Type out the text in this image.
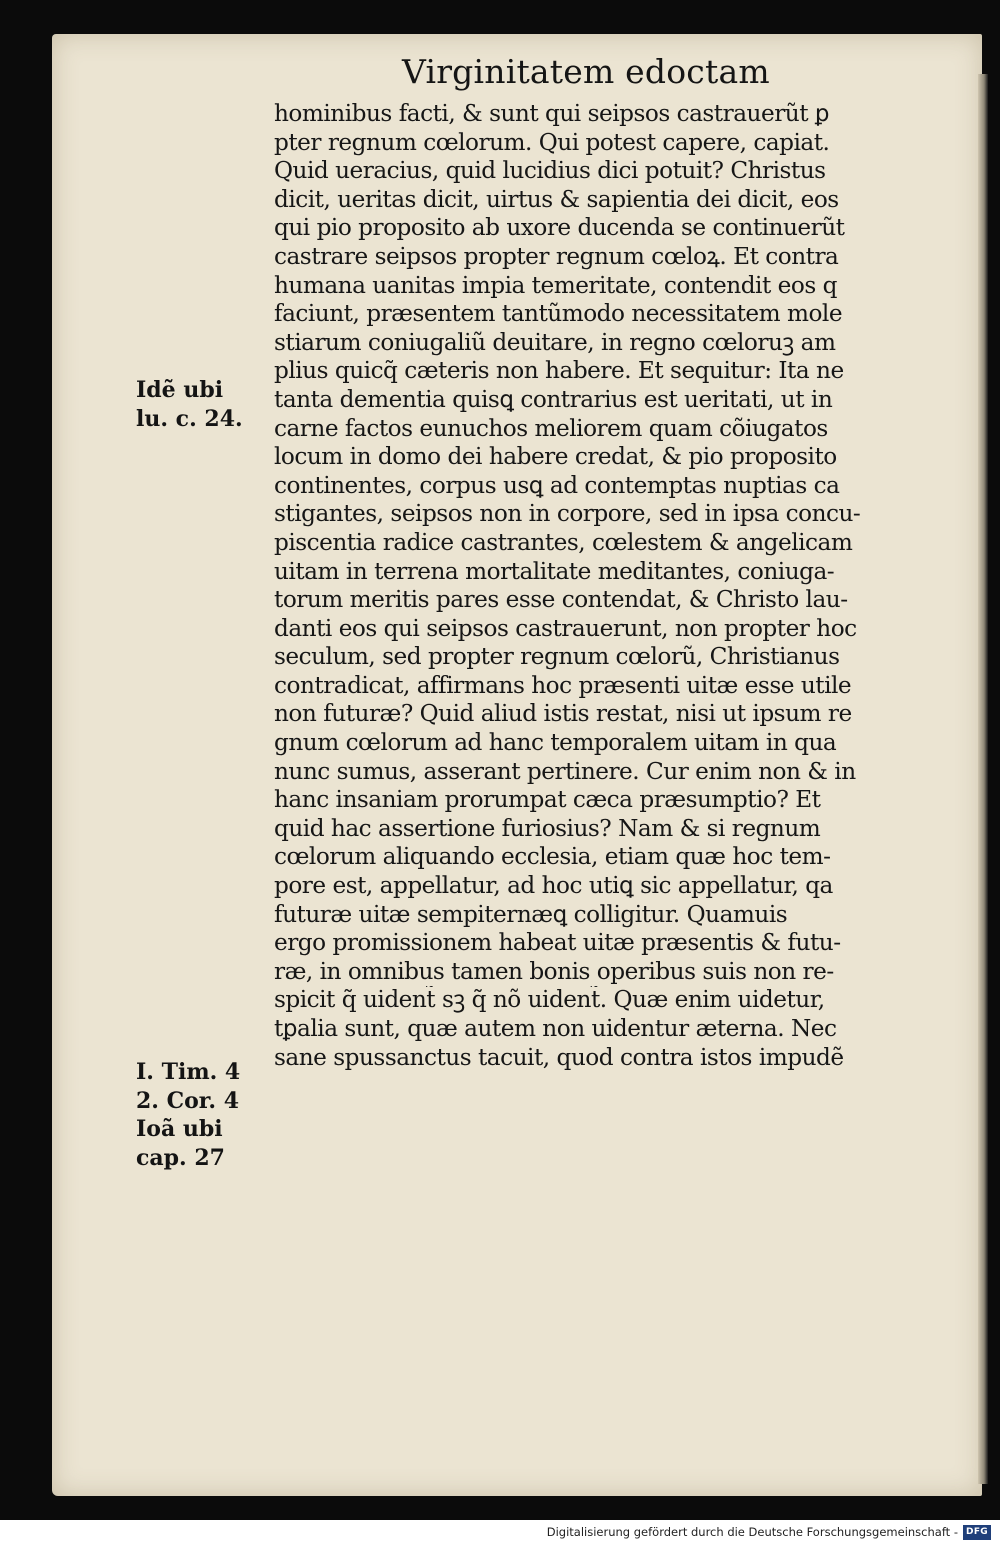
Virginitatem edoctam
Idẽ ubi
lu. c. 24.
I. Tim. 4
2. Cor. 4
Ioã ubi
cap. 27
hominibus facti, & sunt qui seipsos castrauerũt ꝑ
pter regnum cœlorum. Qui potest capere, capiat.
Quid ueracius, quid lucidius dici potuit? Christus
dicit, ueritas dicit, uirtus & sapientia dei dicit, eos
qui pio proposito ab uxore ducenda se continuerũt
castrare seipsos propter regnum cœloꝝ. Et contra
humana uanitas impia temeritate, contendit eos q
faciunt, præsentem tantũmodo necessitatem mole
stiarum coniugaliũ deuitare, in regno cœloruꝫ am
plius quicq̃ cæteris non habere. Et sequitur: Ita ne
tanta dementia quisꝗ contrarius est ueritati, ut in
carne factos eunuchos meliorem quam cõiugatos
locum in domo dei habere credat, & pio proposito
continentes, corpus usꝗ ad contemptas nuptias ca
stigantes, seipsos non in corpore, sed in ipsa concu-
piscentia radice castrantes, cœlestem & angelicam
uitam in terrena mortalitate meditantes, coniuga-
torum meritis pares esse contendat, & Christo lau-
danti eos qui seipsos castrauerunt, non propter hoc
seculum, sed propter regnum cœlorũ, Christianus
contradicat, affirmans hoc præsenti uitæ esse utile
non futuræ? Quid aliud istis restat, nisi ut ipsum re
gnum cœlorum ad hanc temporalem uitam in qua
nunc sumus, asserant pertinere. Cur enim non & in
hanc insaniam prorumpat cæca præsumptio? Et
quid hac assertione furiosius? Nam & si regnum
cœlorum aliquando ecclesia, etiam quæ hoc tem-
pore est, appellatur, ad hoc utiꝗ sic appellatur, qa
futuræ uitæ sempiternæꝗ colligitur. Quamuis
ergo promissionem habeat uitæ præsentis & futu-
ræ, in omnibus tamen bonis operibus suis non re-
spicit q̃ uident̃ sꝫ q̃ nõ uident̃. Quæ enim uidetur,
tꝑalia sunt, quæ autem non uidentur æterna. Nec
sane spussanctus tacuit, quod contra istos impudẽ
Digitalisierung gefördert durch die Deutsche Forschungsgemeinschaft - DFG
